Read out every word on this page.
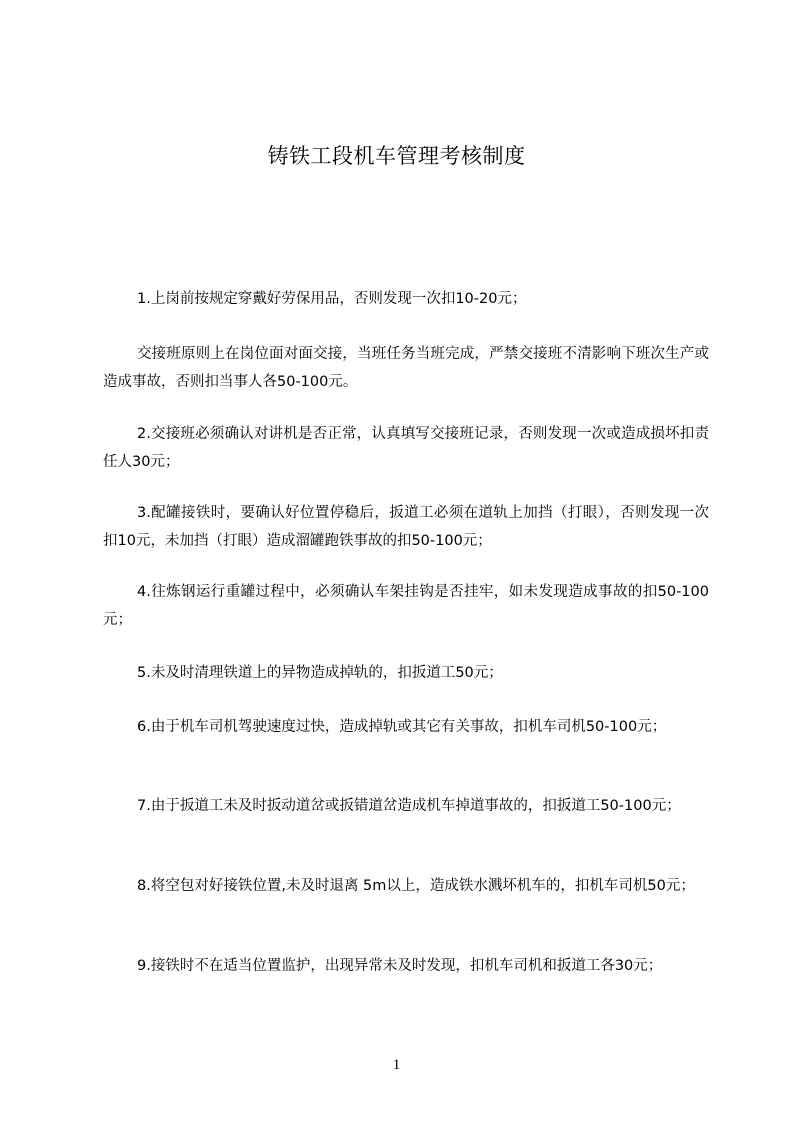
铸铁工段机车管理考核制度

1.上岗前按规定穿戴好劳保用品，否则发现一次扣10-20元；

交接班原则上在岗位面对面交接，当班任务当班完成，严禁交接班不清影响下班次生产或造成事故，否则扣当事人各50-100元。

2.交接班必须确认对讲机是否正常，认真填写交接班记录，否则发现一次或造成损坏扣责任人30元；

3.配罐接铁时，要确认好位置停稳后，扳道工必须在道轨上加挡（打眼），否则发现一次扣10元，未加挡（打眼）造成溜罐跑铁事故的扣50-100元；

4.往炼钢运行重罐过程中，必须确认车架挂钩是否挂牢，如未发现造成事故的扣50-100元；

5.未及时清理铁道上的异物造成掉轨的，扣扳道工50元；

6.由于机车司机驾驶速度过快，造成掉轨或其它有关事故，扣机车司机50-100元；

7.由于扳道工未及时扳动道岔或扳错道岔造成机车掉道事故的，扣扳道工50-100元；

8.将空包对好接铁位置,未及时退离 5m以上，造成铁水溅坏机车的，扣机车司机50元；

9.接铁时不在适当位置监护，出现异常未及时发现，扣机车司机和扳道工各30元；

1
